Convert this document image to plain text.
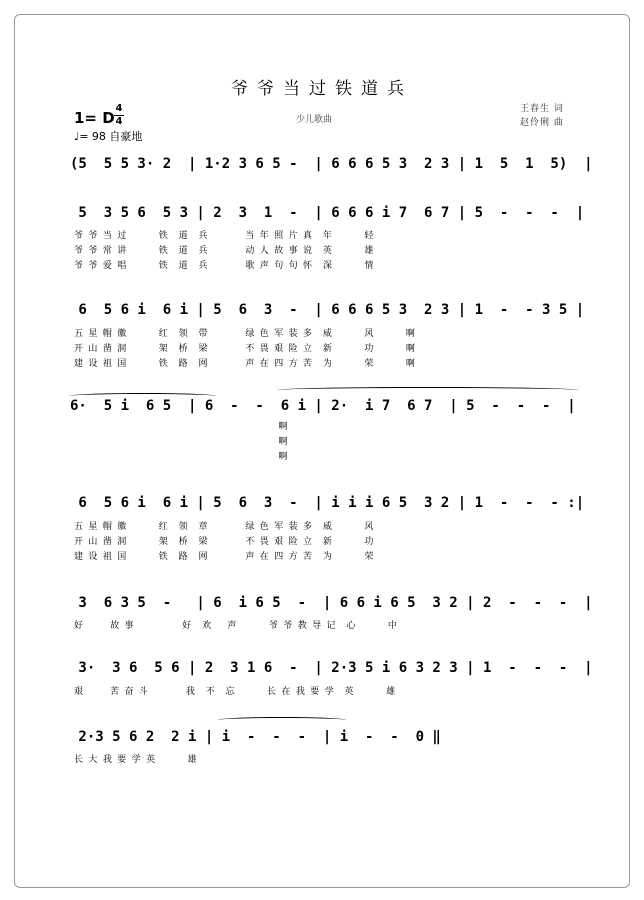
爷爷当过铁道兵
1= D
4
4
♩= 98 自豪地
少儿歌曲
王春生 词
赵伶俐 曲
(5  5 5 3· 2  | 1·2 3 6 5 -  | 6 6 6 5 3  2 3 | 1  5  1  5)  |
5  3 5 6  5 3 | 2  3  1  -  | 6 6 6 i 7  6 7 | 5  -  -  -  |
爷 爷 当 过      铁  道  兵       当 年 照 片 真  年      轻
爷 爷 常 讲      铁  道  兵       动 人 故 事 说  英      雄
爷 爷 爱 唱      铁  道  兵       歌 声 句 句 怀  深      情
6  5 6 i  6 i | 5  6  3  -  | 6 6 6 5 3  2 3 | 1  -  - 3 5 |
五 星 帽 徽      红  领  带       绿 色 军 装 多  威      风      啊
开 山 凿 洞      架  桥  梁       不 畏 艰 险 立  新      功      啊
建 设 祖 国      铁  路  网       声 在 四 方 苦  为      荣      啊
6·  5 i  6 5  | 6  -  -  6 i | 2·  i 7  6 7  | 5  -  -  -  |
啊
啊
啊
6  5 6 i  6 i | 5  6  3  -  | i i i 6 5  3 2 | 1  -  -  - :|
五 星 帽 徽      红  领  章       绿 色 军 装 多  威      风
开 山 凿 洞      架  桥  梁       不 畏 艰 险 立  新      功
建 设 祖 国      铁  路  网       声 在 四 方 苦  为      荣
3  6 3 5  -   | 6  i 6 5  -  | 6 6 i 6 5  3 2 | 2  -  -  -  |
好     故 事         好  欢   声      爷 爷 教 导 记  心      中
3·  3 6  5 6 | 2  3 1 6  -  | 2·3 5 i 6 3 2 3 | 1  -  -  -  |
艰     苦 奋 斗       我  不  忘      长 在 我 要 学  英      雄
2·3 5 6 2  2 i | i  -  -  -  | i  -  -  0 ‖
长 大 我 要 学 英      雄
